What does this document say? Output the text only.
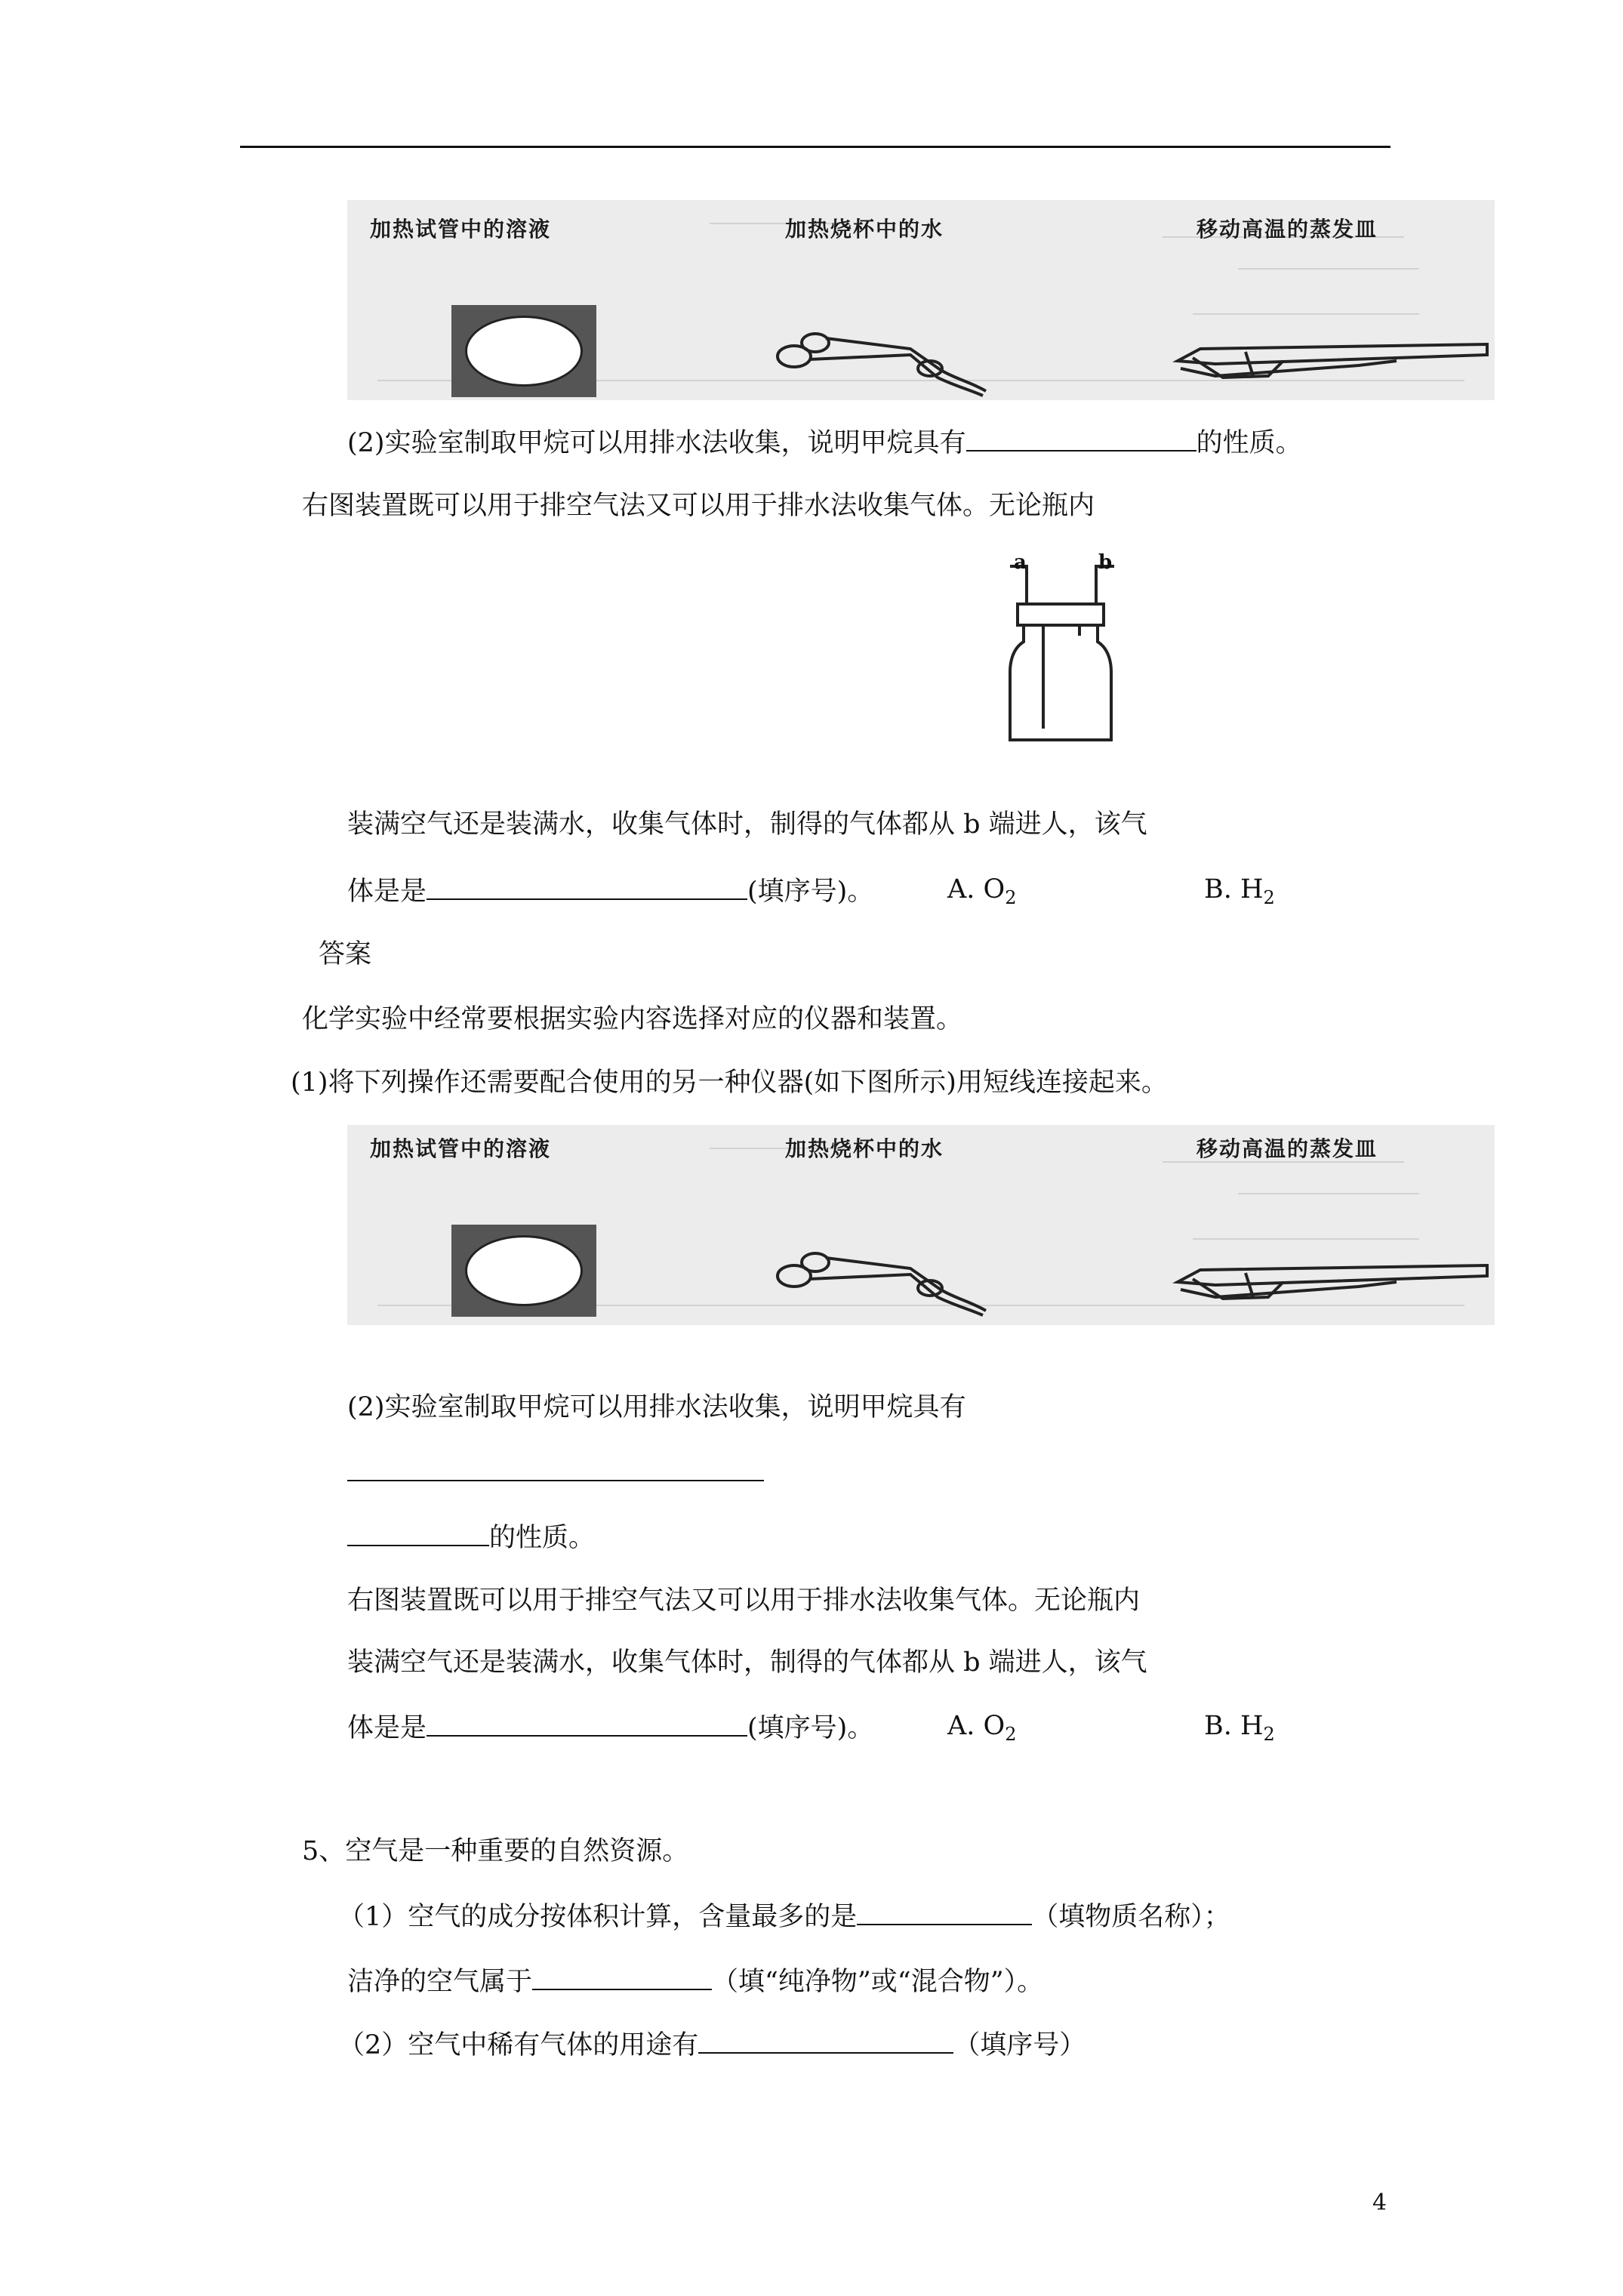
加热试管中的溶液	加热烧杯中的水	移动高温的蒸发皿
(2)实验室制取甲烷可以用排水法收集，说明甲烷具有	的性质。
右图装置既可以用于排空气法又可以用于排水法收集气体。无论瓶内
a	b
装满空气还是装满水，收集气体时，制得的气体都从 b 端进人，该气
体是是	(填序号)。	A. $O_2$	B. $H_2$
答案
化学实验中经常要根据实验内容选择对应的仪器和装置。
(1)将下列操作还需要配合使用的另一种仪器(如下图所示)用短线连接起来。
加热试管中的溶液	加热烧杯中的水	移动高温的蒸发皿
(2)实验室制取甲烷可以用排水法收集，说明甲烷具有
的性质。
右图装置既可以用于排空气法又可以用于排水法收集气体。无论瓶内
装满空气还是装满水，收集气体时，制得的气体都从 b 端进人，该气
体是是	(填序号)。	A. $O_2$	B. $H_2$
5、空气是一种重要的自然资源。
（1）空气的成分按体积计算，含量最多的是	（填物质名称）；
洁净的空气属于	（填“纯净物”或“混合物”）。
（2）空气中稀有气体的用途有	（填序号）
4
